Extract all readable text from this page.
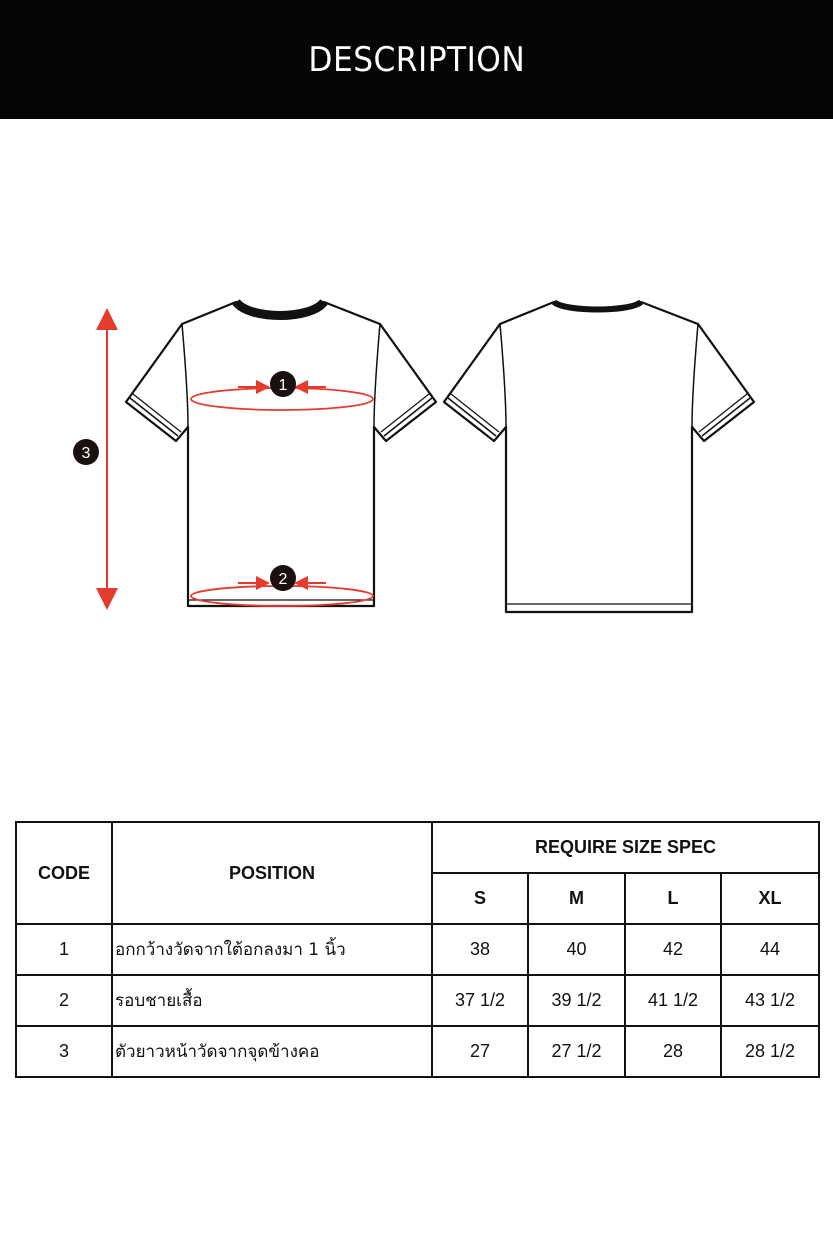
DESCRIPTION
3
1
2
CODE	POSITION	REQUIRE SIZE SPEC			
		S	M	L	XL
1	อกกว้างวัดจากใต้อกลงมา 1 นิ้ว	38	40	42	44
2	รอบชายเสื้อ	37 1/2	39 1/2	41 1/2	43 1/2
3	ตัวยาวหน้าวัดจากจุดข้างคอ	27	27 1/2	28	28 1/2
